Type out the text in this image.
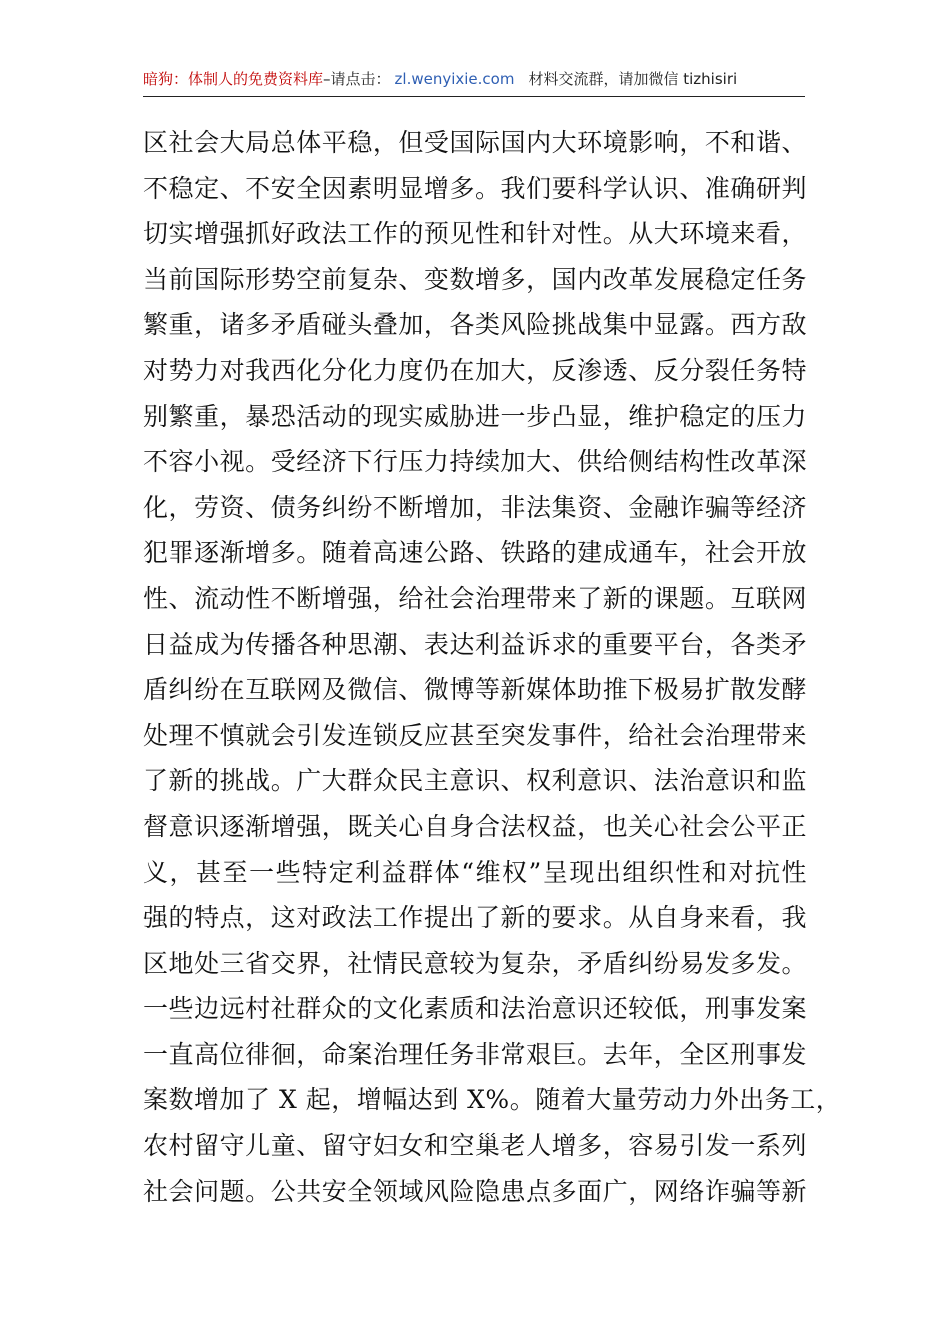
暗狗：体制人的免费资料库–请点击： zl.wenyixie.com 材料交流群，请加微信 tizhisiri
区社会大局总体平稳，但受国际国内大环境影响，不和谐、
不稳定、不安全因素明显增多。我们要科学认识、准确研判
切实增强抓好政法工作的预见性和针对性。从大环境来看，
当前国际形势空前复杂、变数增多，国内改革发展稳定任务
繁重，诸多矛盾碰头叠加，各类风险挑战集中显露。西方敌
对势力对我西化分化力度仍在加大，反渗透、反分裂任务特
别繁重，暴恐活动的现实威胁进一步凸显，维护稳定的压力
不容小视。受经济下行压力持续加大、供给侧结构性改革深
化，劳资、债务纠纷不断增加，非法集资、金融诈骗等经济
犯罪逐渐增多。随着高速公路、铁路的建成通车，社会开放
性、流动性不断增强，给社会治理带来了新的课题。互联网
日益成为传播各种思潮、表达利益诉求的重要平台，各类矛
盾纠纷在互联网及微信、微博等新媒体助推下极易扩散发酵
处理不慎就会引发连锁反应甚至突发事件，给社会治理带来
了新的挑战。广大群众民主意识、权利意识、法治意识和监
督意识逐渐增强，既关心自身合法权益，也关心社会公平正
义，甚至一些特定利益群体“维权”呈现出组织性和对抗性
强的特点，这对政法工作提出了新的要求。从自身来看，我
区地处三省交界，社情民意较为复杂，矛盾纠纷易发多发。
一些边远村社群众的文化素质和法治意识还较低，刑事发案
一直高位徘徊，命案治理任务非常艰巨。去年，全区刑事发
案数增加了 X 起，增幅达到 X%。随着大量劳动力外出务工，
农村留守儿童、留守妇女和空巢老人增多，容易引发一系列
社会问题。公共安全领域风险隐患点多面广，网络诈骗等新
